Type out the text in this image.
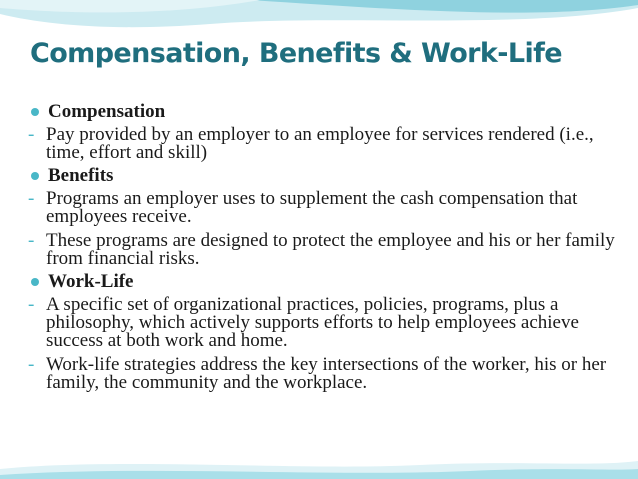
Compensation, Benefits & Work-Life
Compensation
- Pay provided by an employer to an employee for services rendered (i.e., time, effort and skill)
Benefits
- Programs an employer uses to supplement the cash compensation that employees receive.
- These programs are designed to protect the employee and his or her family from financial risks.
Work-Life
- A specific set of organizational practices, policies, programs, plus a philosophy, which actively supports efforts to help employees achieve success at both work and home.
- Work-life strategies address the key intersections of the worker, his or her family, the community and the workplace.
